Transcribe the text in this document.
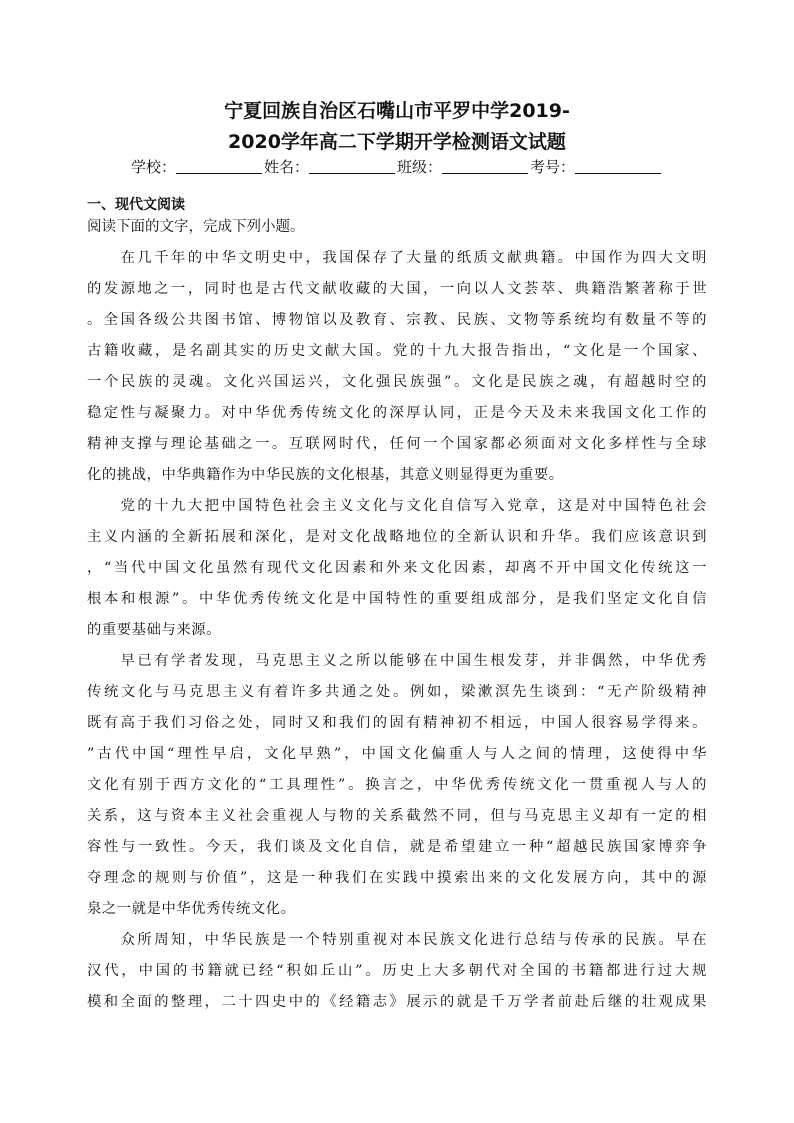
宁夏回族自治区石嘴山市平罗中学2019-
2020学年高二下学期开学检测语文试题
学校：	姓名：	班级：	考号：
一、现代文阅读
阅读下面的文字，完成下列小题。
　　在几千年的中华文明史中，我国保存了大量的纸质文献典籍。中国作为四大文明
的发源地之一，同时也是古代文献收藏的大国，一向以人文荟萃、典籍浩繁著称于世
。全国各级公共图书馆、博物馆以及教育、宗教、民族、文物等系统均有数量不等的
古籍收藏，是名副其实的历史文献大国。党的十九大报告指出，“文化是一个国家、
一个民族的灵魂。文化兴国运兴，文化强民族强”。文化是民族之魂，有超越时空的
稳定性与凝聚力。对中华优秀传统文化的深厚认同，正是今天及未来我国文化工作的
精神支撑与理论基础之一。互联网时代，任何一个国家都必须面对文化多样性与全球
化的挑战，中华典籍作为中华民族的文化根基，其意义则显得更为重要。
　　党的十九大把中国特色社会主义文化与文化自信写入党章，这是对中国特色社会
主义内涵的全新拓展和深化，是对文化战略地位的全新认识和升华。我们应该意识到
，“当代中国文化虽然有现代文化因素和外来文化因素，却离不开中国文化传统这一
根本和根源”。中华优秀传统文化是中国特性的重要组成部分，是我们坚定文化自信
的重要基础与来源。
　　早已有学者发现，马克思主义之所以能够在中国生根发芽，并非偶然，中华优秀
传统文化与马克思主义有着许多共通之处。例如，梁漱溟先生谈到：“无产阶级精神
既有高于我们习俗之处，同时又和我们的固有精神初不相远，中国人很容易学得来。
”古代中国“理性早启，文化早熟”，中国文化偏重人与人之间的情理，这使得中华
文化有别于西方文化的“工具理性”。换言之，中华优秀传统文化一贯重视人与人的
关系，这与资本主义社会重视人与物的关系截然不同，但与马克思主义却有一定的相
容性与一致性。今天，我们谈及文化自信，就是希望建立一种“超越民族国家博弈争
夺理念的规则与价值”，这是一种我们在实践中摸索出来的文化发展方向，其中的源
泉之一就是中华优秀传统文化。
　　众所周知，中华民族是一个特别重视对本民族文化进行总结与传承的民族。早在
汉代，中国的书籍就已经“积如丘山”。历史上大多朝代对全国的书籍都进行过大规
模和全面的整理，二十四史中的《经籍志》展示的就是千万学者前赴后继的壮观成果
